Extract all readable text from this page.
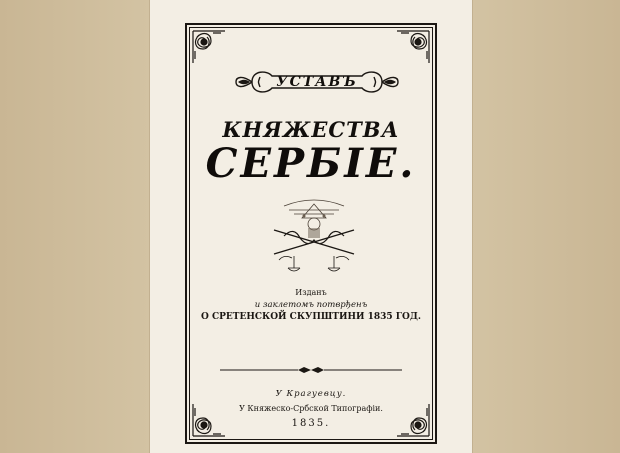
УСТАВЪ
КНЯЖЕСТВА
СЕРБІЕ.
Изданъ
и заклетомъ потврђенъ
О СРЕТЕНСКОЙ СКУПШТИНИ 1835 ГОД.
У Крагуевцу.
У Княжеско-Србской Типографіи.
1835.
